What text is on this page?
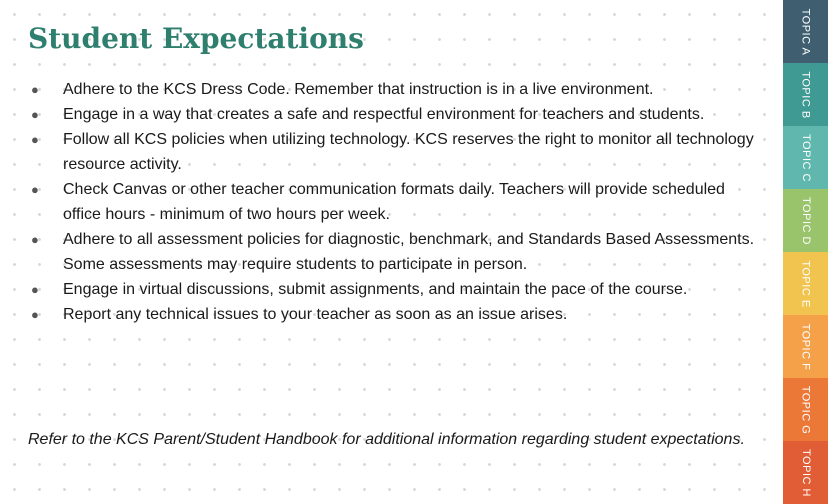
Student Expectations
● Adhere to the KCS Dress Code. Remember that instruction is in a live environment.
● Engage in a way that creates a safe and respectful environment for teachers and students.
● Follow all KCS policies when utilizing technology. KCS reserves the right to monitor all technology resource activity.
● Check Canvas or other teacher communication formats daily. Teachers will provide scheduled office hours - minimum of two hours per week.
● Adhere to all assessment policies for diagnostic, benchmark, and Standards Based Assessments. Some assessments may require students to participate in person.
● Engage in virtual discussions, submit assignments, and maintain the pace of the course.
● Report any technical issues to your teacher as soon as an issue arises.

Refer to the KCS Parent/Student Handbook for additional information regarding student expectations.

TOPIC A
TOPIC B
TOPIC C
TOPIC D
TOPIC E
TOPIC F
TOPIC G
TOPIC H
